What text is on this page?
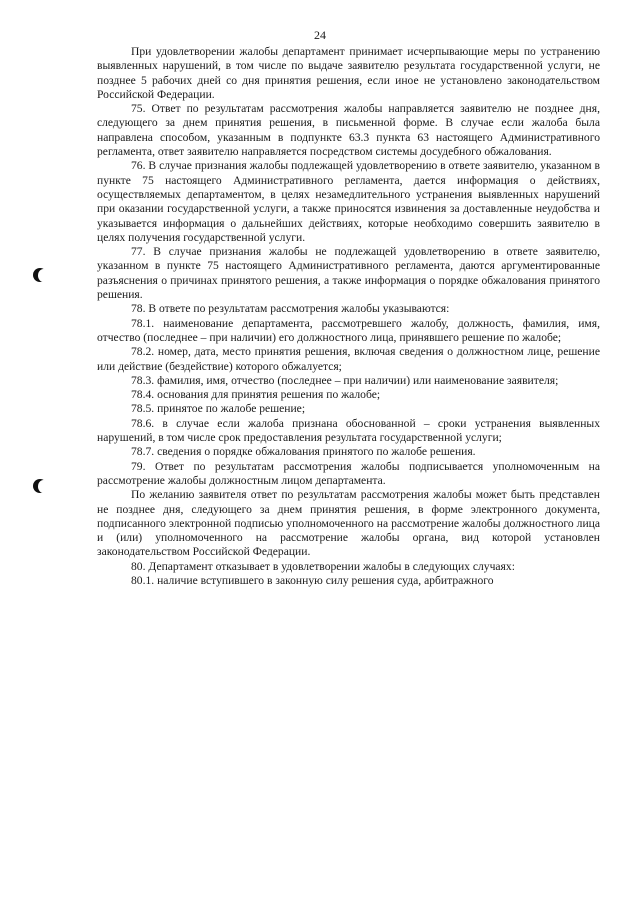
24

При удовлетворении жалобы департамент принимает исчерпывающие меры по устранению выявленных нарушений, в том числе по выдаче заявителю результата государственной услуги, не позднее 5 рабочих дней со дня принятия решения, если иное не установлено законодательством Российской Федерации.

75. Ответ по результатам рассмотрения жалобы направляется заявителю не позднее дня, следующего за днем принятия решения, в письменной форме. В случае если жалоба была направлена способом, указанным в подпункте 63.3 пункта 63 настоящего Административного регламента, ответ заявителю направляется посредством системы досудебного обжалования.

76. В случае признания жалобы подлежащей удовлетворению в ответе заявителю, указанном в пункте 75 настоящего Административного регламента, дается информация о действиях, осуществляемых департаментом, в целях незамедлительного устранения выявленных нарушений при оказании государственной услуги, а также приносятся извинения за доставленные неудобства и указывается информация о дальнейших действиях, которые необходимо совершить заявителю в целях получения государственной услуги.

77. В случае признания жалобы не подлежащей удовлетворению в ответе заявителю, указанном в пункте 75 настоящего Административного регламента, даются аргументированные разъяснения о причинах принятого решения, а также информация о порядке обжалования принятого решения.

78. В ответе по результатам рассмотрения жалобы указываются:

78.1. наименование департамента, рассмотревшего жалобу, должность, фамилия, имя, отчество (последнее – при наличии) его должностного лица, принявшего решение по жалобе;

78.2. номер, дата, место принятия решения, включая сведения о должностном лице, решение или действие (бездействие) которого обжалуется;

78.3. фамилия, имя, отчество (последнее – при наличии) или наименование заявителя;

78.4. основания для принятия решения по жалобе;

78.5. принятое по жалобе решение;

78.6. в случае если жалоба признана обоснованной – сроки устранения выявленных нарушений, в том числе срок предоставления результата государственной услуги;

78.7. сведения о порядке обжалования принятого по жалобе решения.

79. Ответ по результатам рассмотрения жалобы подписывается уполномоченным на рассмотрение жалобы должностным лицом департамента.

По желанию заявителя ответ по результатам рассмотрения жалобы может быть представлен не позднее дня, следующего за днем принятия решения, в форме электронного документа, подписанного электронной подписью уполномоченного на рассмотрение жалобы должностного лица и (или) уполномоченного на рассмотрение жалобы органа, вид которой установлен законодательством Российской Федерации.

80. Департамент отказывает в удовлетворении жалобы в следующих случаях:

80.1. наличие вступившего в законную силу решения суда, арбитражного
